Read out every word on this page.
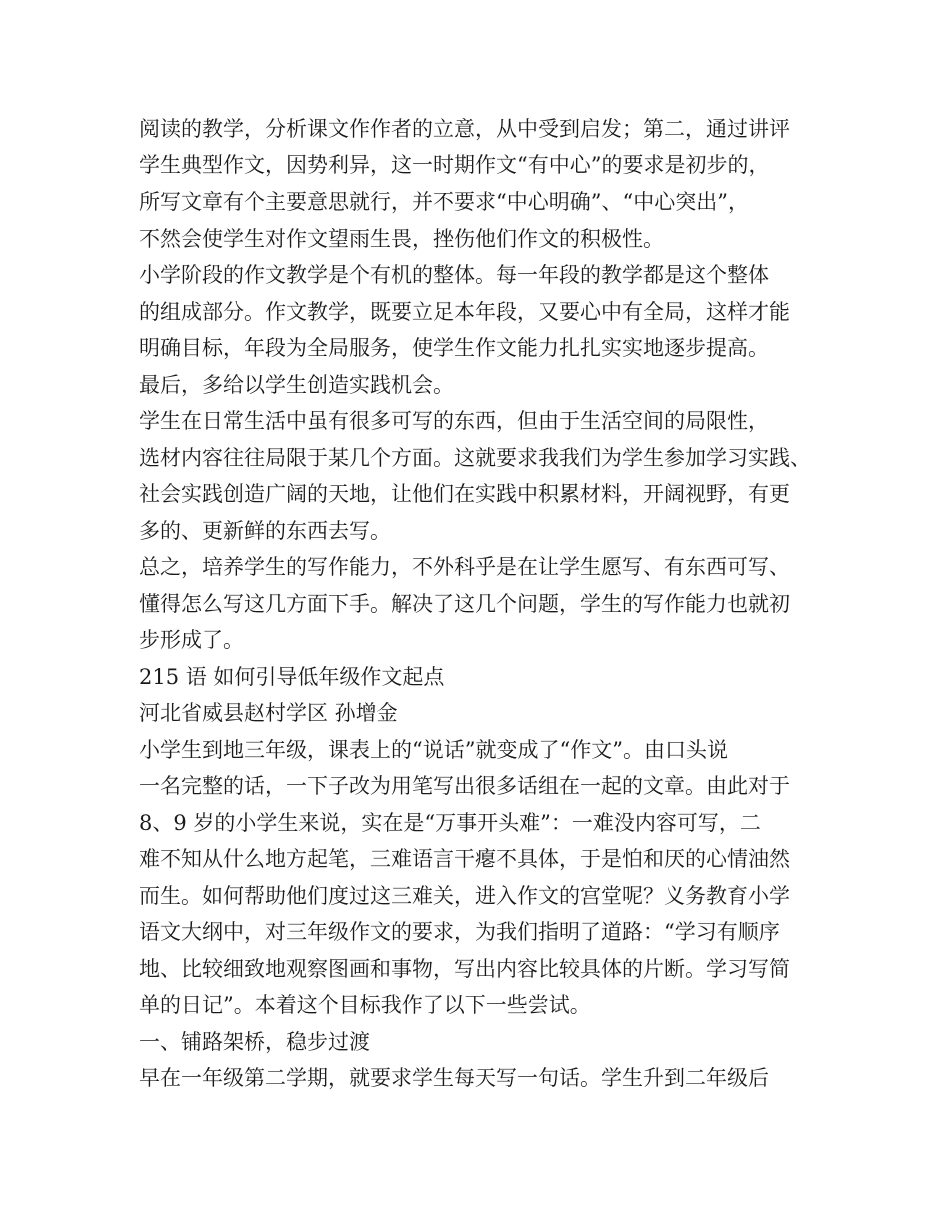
阅读的教学，分析课文作作者的立意，从中受到启发；第二，通过讲评
学生典型作文，因势利异，这一时期作文“有中心”的要求是初步的，
所写文章有个主要意思就行，并不要求“中心明确”、“中心突出”，
不然会使学生对作文望雨生畏，挫伤他们作文的积极性。
小学阶段的作文教学是个有机的整体。每一年段的教学都是这个整体
的组成部分。作文教学，既要立足本年段，又要心中有全局，这样才能
明确目标，年段为全局服务，使学生作文能力扎扎实实地逐步提高。
最后，多给以学生创造实践机会。
学生在日常生活中虽有很多可写的东西，但由于生活空间的局限性，
选材内容往往局限于某几个方面。这就要求我我们为学生参加学习实践、
社会实践创造广阔的天地，让他们在实践中积累材料，开阔视野，有更
多的、更新鲜的东西去写。
总之，培养学生的写作能力，不外科乎是在让学生愿写、有东西可写、
懂得怎么写这几方面下手。解决了这几个问题，学生的写作能力也就初
步形成了。
215 语 如何引导低年级作文起点
河北省威县赵村学区 孙增金
小学生到地三年级，课表上的“说话”就变成了“作文”。由口头说
一名完整的话，一下子改为用笔写出很多话组在一起的文章。由此对于
8、9 岁的小学生来说，实在是“万事开头难”：一难没内容可写，二
难不知从什么地方起笔，三难语言干瘪不具体，于是怕和厌的心情油然
而生。如何帮助他们度过这三难关，进入作文的宫堂呢？义务教育小学
语文大纲中，对三年级作文的要求，为我们指明了道路：“学习有顺序
地、比较细致地观察图画和事物，写出内容比较具体的片断。学习写简
单的日记”。本着这个目标我作了以下一些尝试。
一、铺路架桥，稳步过渡
早在一年级第二学期，就要求学生每天写一句话。学生升到二年级后
